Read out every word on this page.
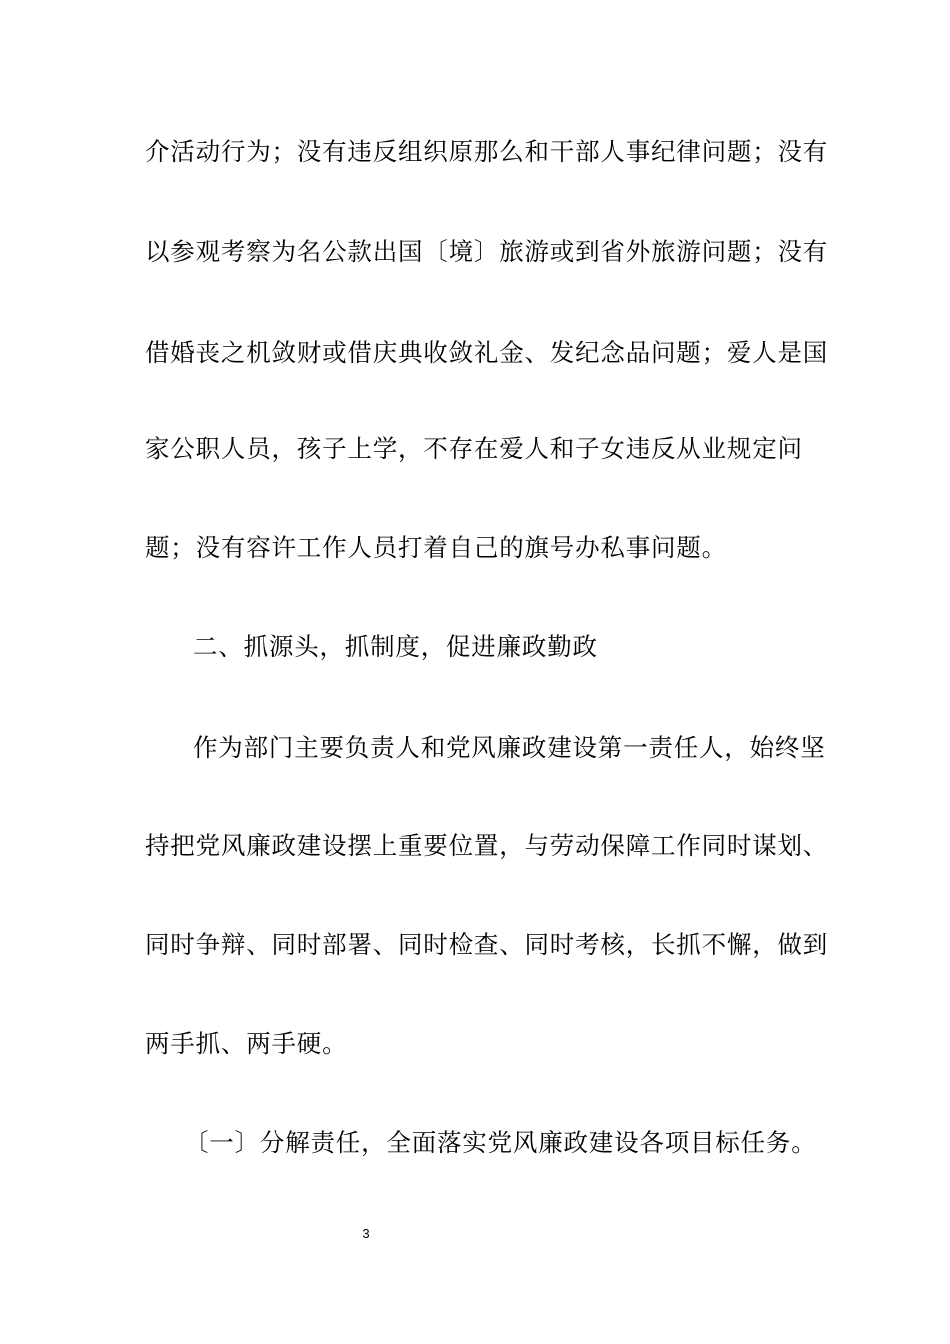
介活动行为；没有违反组织原那么和干部人事纪律问题；没有
以参观考察为名公款出国〔境〕旅游或到省外旅游问题；没有
借婚丧之机敛财或借庆典收敛礼金、发纪念品问题；爱人是国
家公职人员，孩子上学，不存在爱人和子女违反从业规定问
题；没有容许工作人员打着自己的旗号办私事问题。
二、抓源头，抓制度，促进廉政勤政
作为部门主要负责人和党风廉政建设第一责任人，始终坚
持把党风廉政建设摆上重要位置，与劳动保障工作同时谋划、
同时争辩、同时部署、同时检查、同时考核，长抓不懈，做到
两手抓、两手硬。
〔一〕分解责任，全面落实党风廉政建设各项目标任务。
3
